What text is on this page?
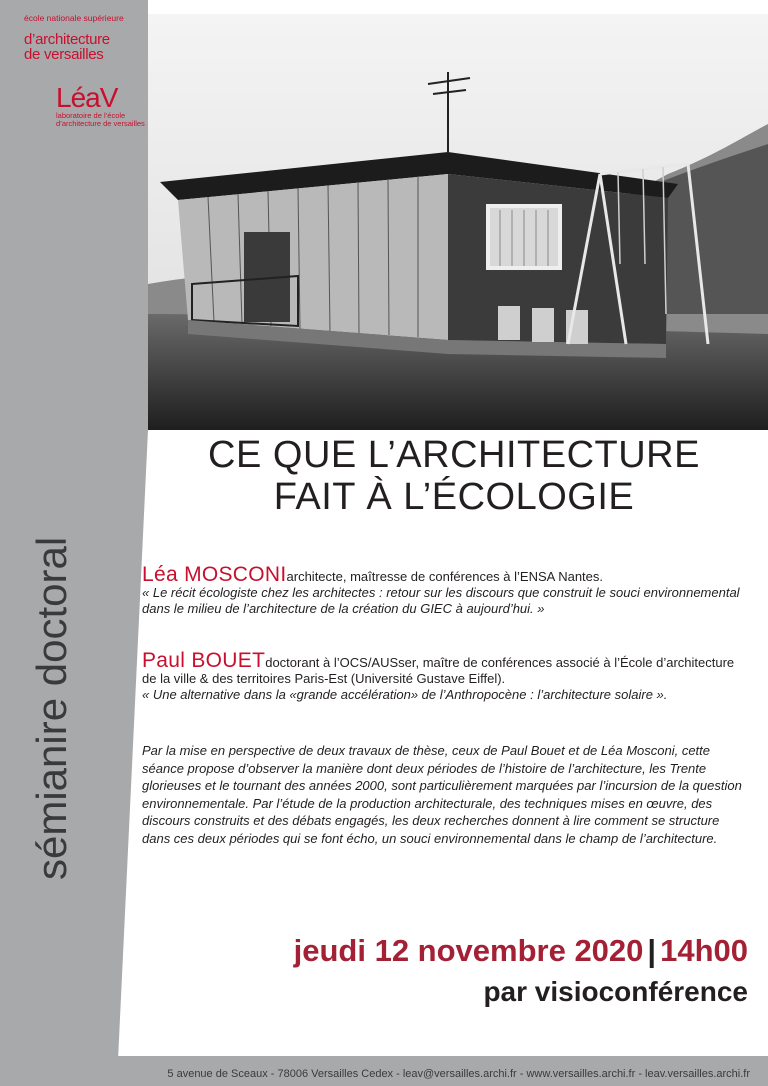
école nationale supérieure
d’architecture
de versailles
LéaV
laboratoire de l’école
d’architecture de versailles
CE QUE L’ARCHITECTURE
FAIT À L’ÉCOLOGIE
sémianire doctoral	Léa MOSCONIarchitecte, maîtresse de conférences à l’ENSA Nantes.
« Le récit écologiste chez les architectes : retour sur les discours que construit le souci environnemental dans le milieu de l’architecture de la création du GIEC à aujourd’hui. »
Paul BOUETdoctorant à l’OCS/AUSser, maître de conférences associé à l’École d’architecture de la ville & des territoires Paris-Est (Université Gustave Eiffel).
« Une alternative dans la «grande accélération» de l’Anthropocène : l’architecture solaire ».
Par la mise en perspective de deux travaux de thèse, ceux de Paul Bouet et de Léa Mosconi, cette séance propose d’observer la manière dont deux périodes de l’histoire de l’architecture, les Trente glorieuses et le tournant des années 2000, sont particulièrement marquées par l’incursion de la question environnementale. Par l’étude de la production architecturale, des techniques mises en œuvre, des discours construits et des débats engagés, les deux recherches donnent à lire comment se structure dans ces deux périodes qui se font écho, un souci environnemental dans le champ de l’architecture.
jeudi 12 novembre 2020 | 14h00
par visioconférence
5 avenue de Sceaux - 78006 Versailles Cedex - leav@versailles.archi.fr - www.versailles.archi.fr - leav.versailles.archi.fr
